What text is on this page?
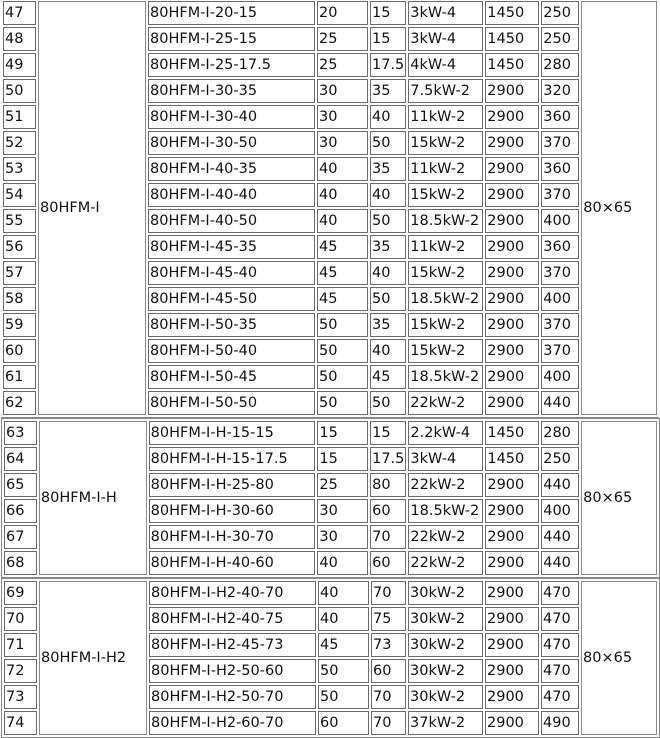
47	80HFM-I	80HFM-I-20-15	20	15	3kW-4	1450	250	80×65
48		80HFM-I-25-15	25	15	3kW-4	1450	250	
49		80HFM-I-25-17.5	25	17.5	4kW-4	1450	280	
50		80HFM-I-30-35	30	35	7.5kW-2	2900	320	
51		80HFM-I-30-40	30	40	11kW-2	2900	360	
52		80HFM-I-30-50	30	50	15kW-2	2900	370	
53		80HFM-I-40-35	40	35	11kW-2	2900	360	
54		80HFM-I-40-40	40	40	15kW-2	2900	370	
55		80HFM-I-40-50	40	50	18.5kW-2	2900	400	
56		80HFM-I-45-35	45	35	11kW-2	2900	360	
57		80HFM-I-45-40	45	40	15kW-2	2900	370	
58		80HFM-I-45-50	45	50	18.5kW-2	2900	400	
59		80HFM-I-50-35	50	35	15kW-2	2900	370	
60		80HFM-I-50-40	50	40	15kW-2	2900	370	
61		80HFM-I-50-45	50	45	18.5kW-2	2900	400	
62		80HFM-I-50-50	50	50	22kW-2	2900	440	
63	80HFM-I-H	80HFM-I-H-15-15	15	15	2.2kW-4	1450	280	80×65
64		80HFM-I-H-15-17.5	15	17.5	3kW-4	1450	250	
65		80HFM-I-H-25-80	25	80	22kW-2	2900	440	
66		80HFM-I-H-30-60	30	60	18.5kW-2	2900	400	
67		80HFM-I-H-30-70	30	70	22kW-2	2900	440	
68		80HFM-I-H-40-60	40	60	22kW-2	2900	440	
69	80HFM-I-H2	80HFM-I-H2-40-70	40	70	30kW-2	2900	470	80×65
70		80HFM-I-H2-40-75	40	75	30kW-2	2900	470	
71		80HFM-I-H2-45-73	45	73	30kW-2	2900	470	
72		80HFM-I-H2-50-60	50	60	30kW-2	2900	470	
73		80HFM-I-H2-50-70	50	70	30kW-2	2900	470	
74		80HFM-I-H2-60-70	60	70	37kW-2	2900	490	
